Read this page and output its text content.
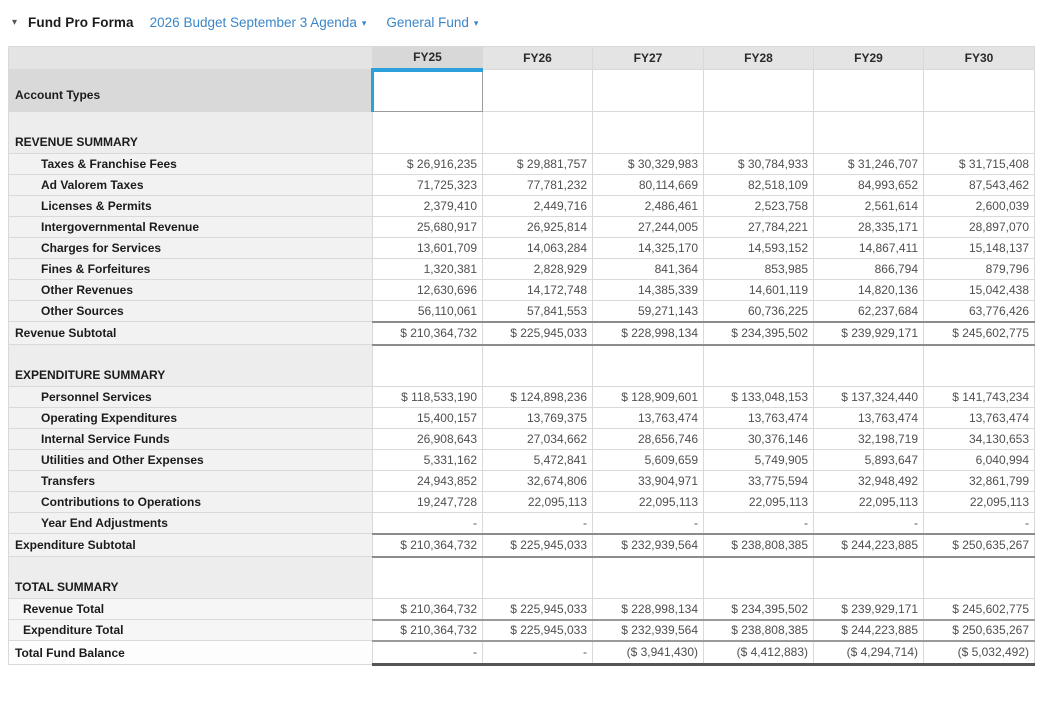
▾ Fund Pro Forma 2026 Budget September 3 Agenda ▾ General Fund ▾
	FY25	FY26	FY27	FY28	FY29	FY30
Account Types						
REVENUE SUMMARY						
Taxes & Franchise Fees	$ 26,916,235	$ 29,881,757	$ 30,329,983	$ 30,784,933	$ 31,246,707	$ 31,715,408
Ad Valorem Taxes	71,725,323	77,781,232	80,114,669	82,518,109	84,993,652	87,543,462
Licenses & Permits	2,379,410	2,449,716	2,486,461	2,523,758	2,561,614	2,600,039
Intergovernmental Revenue	25,680,917	26,925,814	27,244,005	27,784,221	28,335,171	28,897,070
Charges for Services	13,601,709	14,063,284	14,325,170	14,593,152	14,867,411	15,148,137
Fines & Forfeitures	1,320,381	2,828,929	841,364	853,985	866,794	879,796
Other Revenues	12,630,696	14,172,748	14,385,339	14,601,119	14,820,136	15,042,438
Other Sources	56,110,061	57,841,553	59,271,143	60,736,225	62,237,684	63,776,426
Revenue Subtotal	$ 210,364,732	$ 225,945,033	$ 228,998,134	$ 234,395,502	$ 239,929,171	$ 245,602,775
EXPENDITURE SUMMARY						
Personnel Services	$ 118,533,190	$ 124,898,236	$ 128,909,601	$ 133,048,153	$ 137,324,440	$ 141,743,234
Operating Expenditures	15,400,157	13,769,375	13,763,474	13,763,474	13,763,474	13,763,474
Internal Service Funds	26,908,643	27,034,662	28,656,746	30,376,146	32,198,719	34,130,653
Utilities and Other Expenses	5,331,162	5,472,841	5,609,659	5,749,905	5,893,647	6,040,994
Transfers	24,943,852	32,674,806	33,904,971	33,775,594	32,948,492	32,861,799
Contributions to Operations	19,247,728	22,095,113	22,095,113	22,095,113	22,095,113	22,095,113
Year End Adjustments	-	-	-	-	-	-
Expenditure Subtotal	$ 210,364,732	$ 225,945,033	$ 232,939,564	$ 238,808,385	$ 244,223,885	$ 250,635,267
TOTAL SUMMARY						
Revenue Total	$ 210,364,732	$ 225,945,033	$ 228,998,134	$ 234,395,502	$ 239,929,171	$ 245,602,775
Expenditure Total	$ 210,364,732	$ 225,945,033	$ 232,939,564	$ 238,808,385	$ 244,223,885	$ 250,635,267
Total Fund Balance	-	-	($ 3,941,430)	($ 4,412,883)	($ 4,294,714)	($ 5,032,492)
